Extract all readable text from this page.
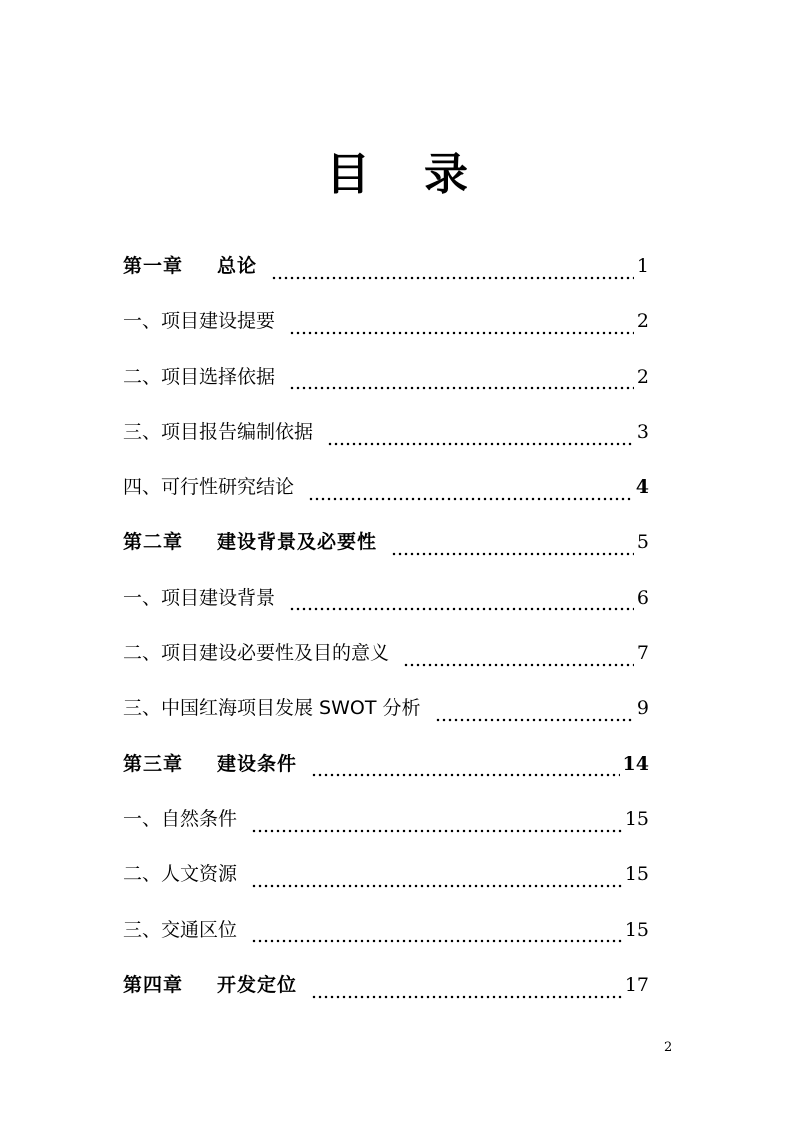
目录
第一章 总论	1
一、项目建设提要	2
二、项目选择依据	2
三、项目报告编制依据	3
四、可行性研究结论	4
第二章 建设背景及必要性	5
一、项目建设背景	6
二、项目建设必要性及目的意义	7
三、中国红海项目发展 SWOT 分析	9
第三章 建设条件	14
一、自然条件	15
二、人文资源	15
三、交通区位	15
第四章 开发定位	17
2
